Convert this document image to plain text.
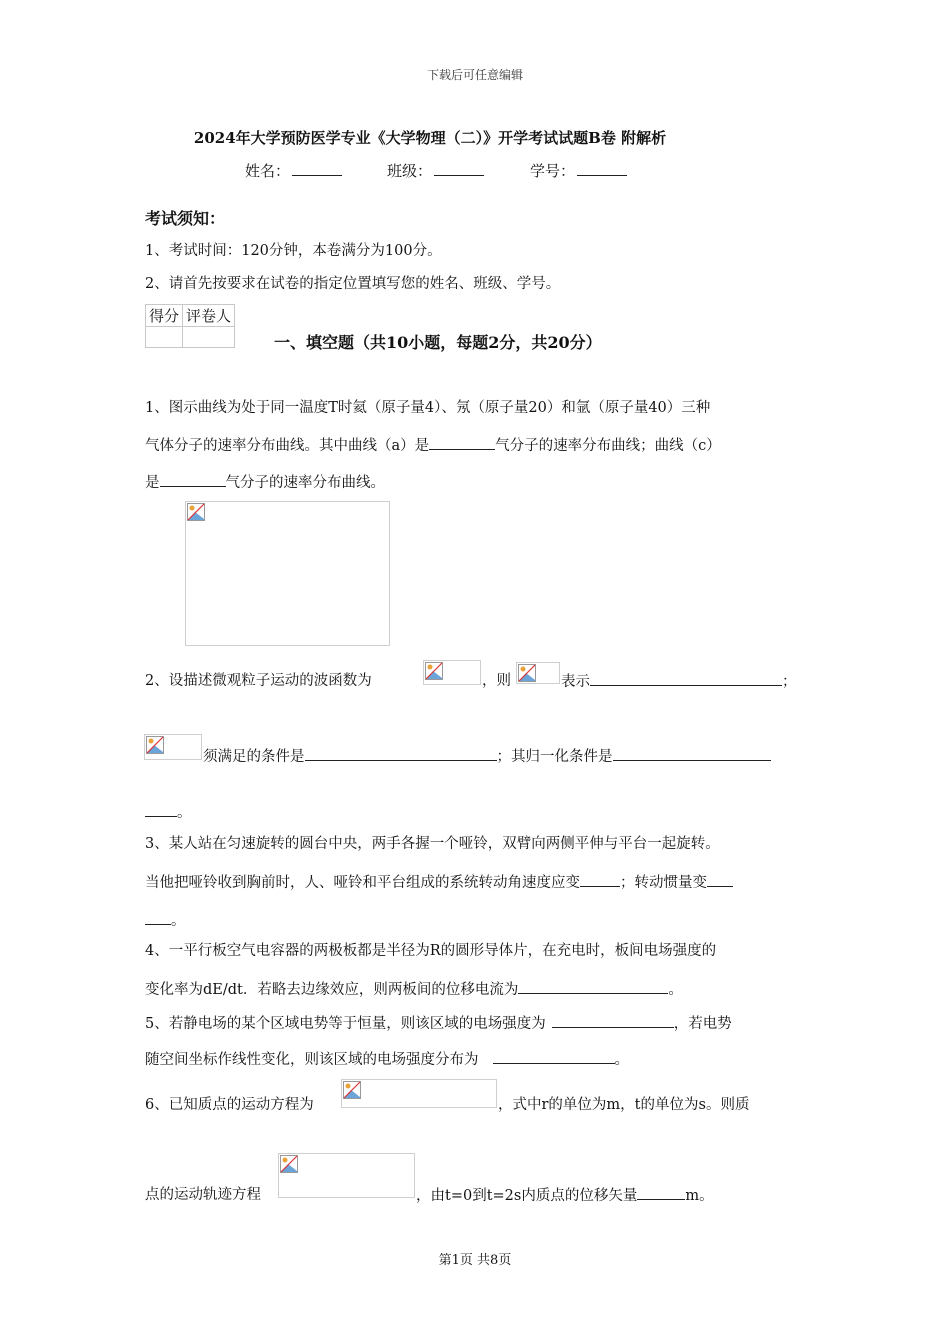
下载后可任意编辑
2024年大学预防医学专业《大学物理（二）》开学考试试题B卷 附解析
姓名：	班级：	学号：
考试须知：
1、考试时间：120分钟，本卷满分为100分。
2、请首先按要求在试卷的指定位置填写您的姓名、班级、学号。
得分	评卷人

一、填空题（共10小题，每题2分，共20分）
1、图示曲线为处于同一温度T时氦（原子量4）、氖（原子量20）和氩（原子量40）三种
气体分子的速率分布曲线。其中曲线（a）是	气分子的速率分布曲线；曲线（c）
是	气分子的速率分布曲线。
2、设描述微观粒子运动的波函数为	，则	表示	；
须满足的条件是	；其归一化条件是
。
3、某人站在匀速旋转的圆台中央，两手各握一个哑铃，双臂向两侧平伸与平台一起旋转。
当他把哑铃收到胸前时，人、哑铃和平台组成的系统转动角速度应变	；转动惯量变
。
4、一平行板空气电容器的两极板都是半径为R的圆形导体片，在充电时，板间电场强度的
变化率为dE/dt．若略去边缘效应，则两板间的位移电流为	。
5、若静电场的某个区域电势等于恒量，则该区域的电场强度为	，若电势
随空间坐标作线性变化，则该区域的电场强度分布为	。
6、已知质点的运动方程为	，式中r的单位为m，t的单位为s。则质
点的运动轨迹方程	，由t=0到t=2s内质点的位移矢量	m。
第1页 共8页
